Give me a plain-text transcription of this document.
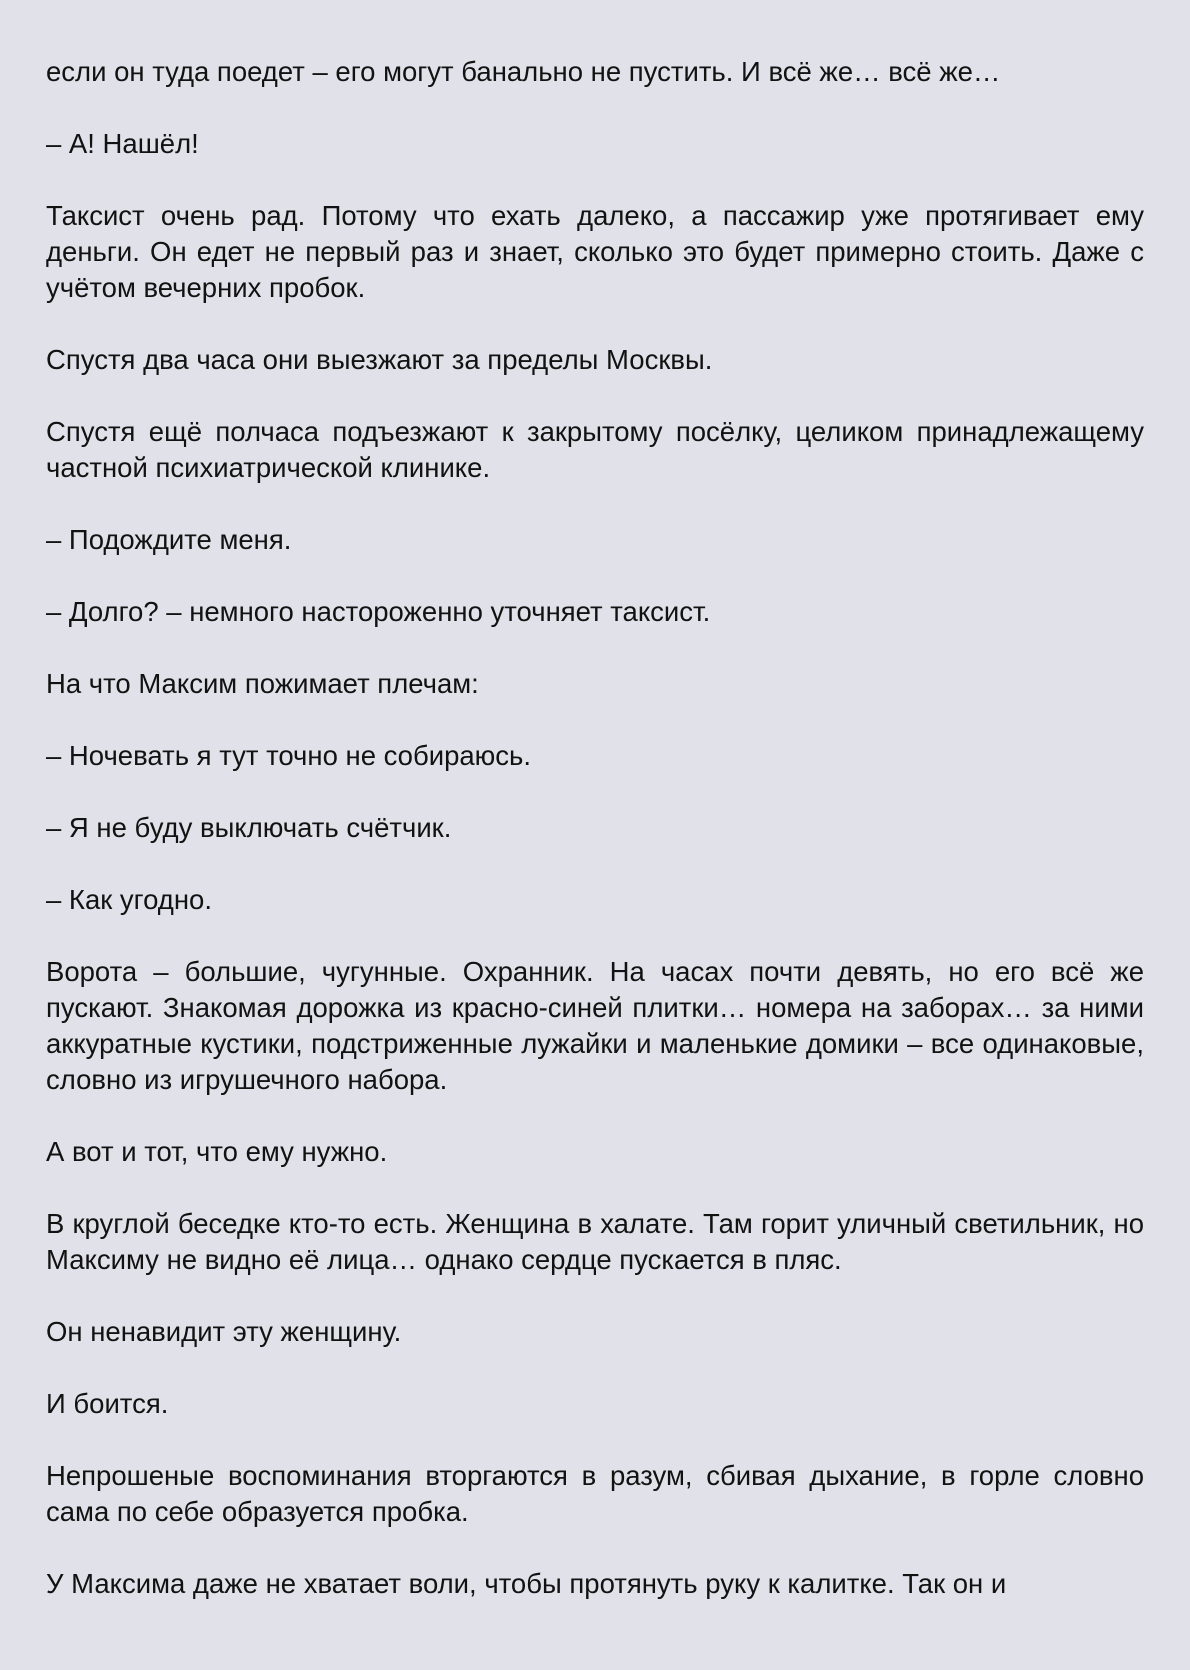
если он туда поедет – его могут банально не пустить. И всё же… всё же…

– А! Нашёл!

Таксист очень рад. Потому что ехать далеко, а пассажир уже протягивает ему деньги. Он едет не первый раз и знает, сколько это будет примерно стоить. Даже с учётом вечерних пробок.

Спустя два часа они выезжают за пределы Москвы.

Спустя ещё полчаса подъезжают к закрытому посёлку, целиком принадлежащему частной психиатрической клинике.

– Подождите меня.

– Долго? – немного настороженно уточняет таксист.

На что Максим пожимает плечам:

– Ночевать я тут точно не собираюсь.

– Я не буду выключать счётчик.

– Как угодно.

Ворота – большие, чугунные. Охранник. На часах почти девять, но его всё же пускают. Знакомая дорожка из красно-синей плитки… номера на заборах… за ними аккуратные кустики, подстриженные лужайки и маленькие домики – все одинаковые, словно из игрушечного набора.

А вот и тот, что ему нужно.

В круглой беседке кто-то есть. Женщина в халате. Там горит уличный светильник, но Максиму не видно её лица… однако сердце пускается в пляс.

Он ненавидит эту женщину.

И боится.

Непрошеные воспоминания вторгаются в разум, сбивая дыхание, в горле словно сама по себе образуется пробка.

У Максима даже не хватает воли, чтобы протянуть руку к калитке. Так он и
